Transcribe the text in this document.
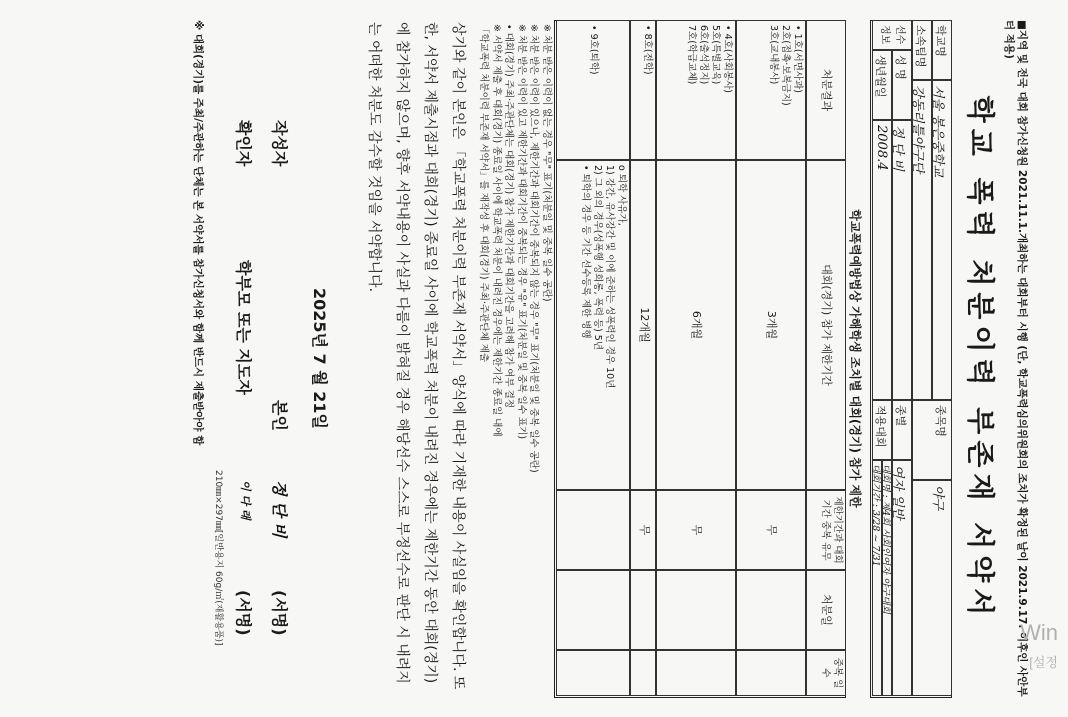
■지역 및 전국 대회 참가신청원 2021.11.1.개최하는 대회부터 시행 (단, 학교폭력심의위원회의 조치가 확정된 날이 2021.9.17. 이후인 사안부터 적용)
학교 폭력 처분이력 부존재 서약서
학교명
서울 봉은중학교
소속팀명
강동리틀야구단
종목명
야구
선수정보
성 명
정 단 비
생년월일
2008.4
종별
여자 일반
적용대회
대회명 : 제4회 사회인여자 야구대회
대회기간 : 3/28 ~ 7/31
학교폭력예방법상 가해학생 조치별 대회(경기) 참가 제한
처분결과
대회(경기) 참가 제한기간
제한기간과 대회기간 중복 유무
처분일
중복 일수
• 1호(서면사과)
2호(접촉·보복금지)
3호(교내봉사)
3개월
무
• 4호(사회봉사)
5호(특별교육)
6호(출석정지)
7호(학급교체)
6개월
무
• 8호(전학)
12개월
무
• 9호(퇴학)
o 퇴학 사유가,
1) 강간, 유사강간 및 이에 준하는 성폭력인 경우 10년
2) 그 외의 경우(성폭행 성희롱, 폭력 등) 5년
• 퇴학의 경우 등 기간 선수등록 제한 병행
※ 처분 받은 이력이 없는 경우 "무" 표기(처분일 및 중복 일수 공란)
※ 처분 받은 이력이 있으나, 제한기간과 대회기간이 중복되지 않는 경우 "무" 표기(처분일 및 중복 일수 공란)
※ 처분 받은 이력이 있고 제한기간과 대회기간이 중복되는 경우 "유" 표기(처분일 및 중복 일수 표기)
• 대회(경기) 주최·주관단체는 대회(경기) 참가 제한기간과 대회기간을 고려해 참가 여부 결정
※ 서약서 제출 후 대회(경기) 종료일 사이에 학교폭력 처분이 내려진 경우에는 제한기간 종료일 내에
「학교폭력 처분이력 부존재 서약서」를 재작성 후 대회(경기) 주최·주관단체 제출
상기와 같이 본인은 「학교폭력 처분이력 부존재 서약서」양식에 따라 기재한 내용이 사실임을 확인합니다. 또한, 서약서 제출시점과 대회(경기) 종료일 사이에 학교폭력 처분이 내려진 경우에는 제한기간 동안 대회(경기)에 참가하지 않으며, 향후 서약내용이 사실과 다름이 밝혀질 경우 해당선수 스스로 부정선수로 판단 시 내려지는 어떠한 처분도 감수할 것임을 서약합니다.
2025년 7 월 21일
작성자
본인
정 단 비
(서명)
확인자
학부모 또는 지도자
이 다 래
(서명)
210㎜×297㎜[일반용지 60g/㎡(재활용품)]
※ 대회(경기)를 주최/주관하는 단체는 본 서약서를 참가신청서와 함께 반드시 제출받아야 함
Win
[설정
